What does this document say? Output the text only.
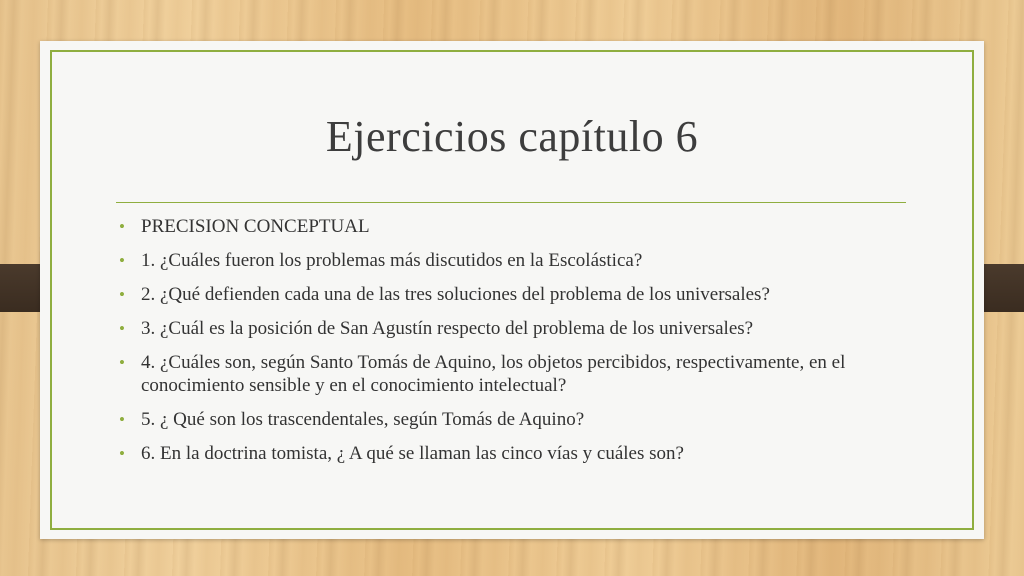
Ejercicios capítulo 6
• PRECISION CONCEPTUAL
• 1. ¿Cuáles fueron los problemas más discutidos en la Escolástica?
• 2. ¿Qué defienden cada una de las tres soluciones del problema de los universales?
• 3. ¿Cuál es la posición de San Agustín respecto del problema de los universales?
• 4. ¿Cuáles son, según Santo Tomás de Aquino, los objetos percibidos, respectivamente, en el conocimiento sensible y en el conocimiento intelectual?
• 5. ¿ Qué son los trascendentales, según Tomás de Aquino?
• 6. En la doctrina tomista, ¿ A qué se llaman las cinco vías y cuáles son?
